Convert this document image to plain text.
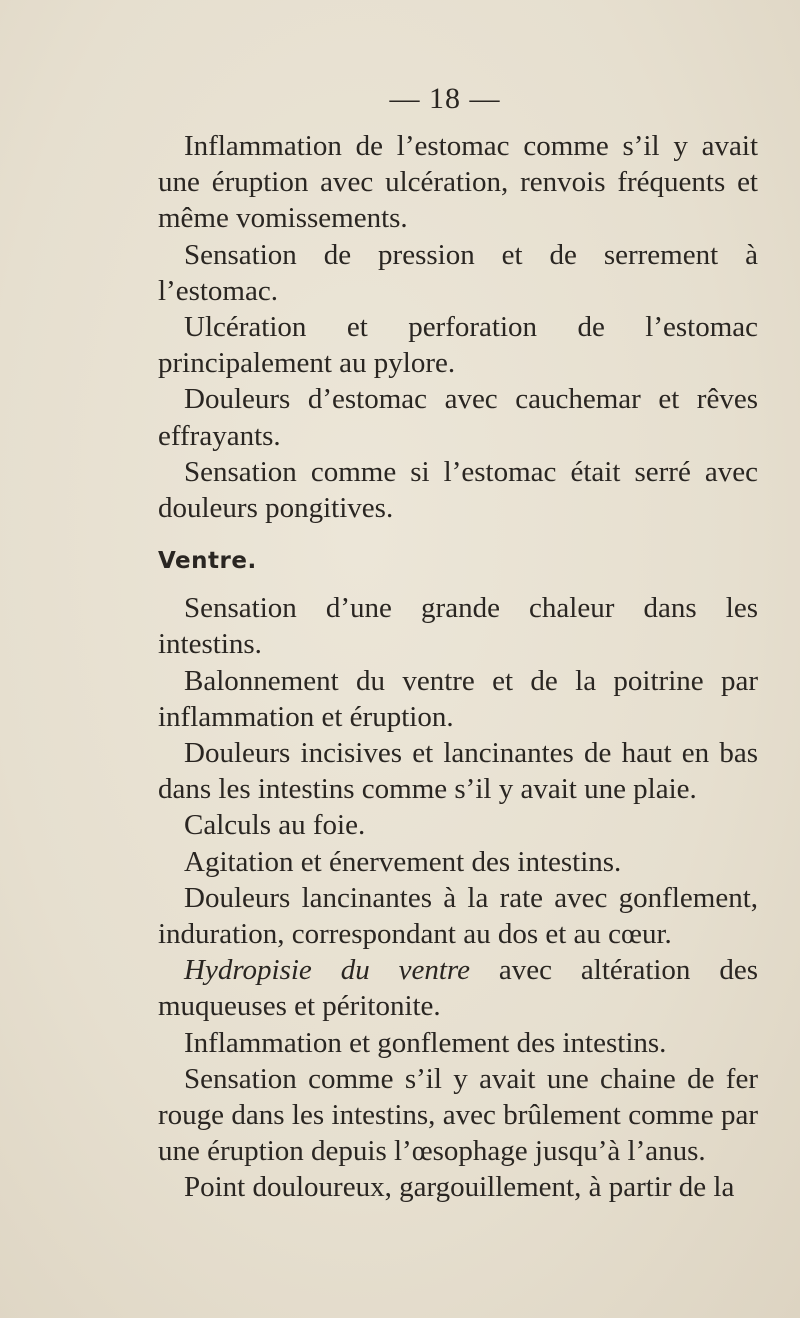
— 18 —

Inflammation de l’estomac comme s’il y avait une éruption avec ulcération, renvois fréquents et même vomissements.

Sensation de pression et de serrement à l’estomac.

Ulcération et perforation de l’estomac principalement au pylore.

Douleurs d’estomac avec cauchemar et rêves effrayants.

Sensation comme si l’estomac était serré avec douleurs pongitives.

Ventre.

Sensation d’une grande chaleur dans les intestins.

Balonnement du ventre et de la poitrine par inflammation et éruption.

Douleurs incisives et lancinantes de haut en bas dans les intestins comme s’il y avait une plaie.

Calculs au foie.

Agitation et énervement des intestins.

Douleurs lancinantes à la rate avec gonflement, induration, correspondant au dos et au cœur.

Hydropisie du ventre avec altération des muqueuses et péritonite.

Inflammation et gonflement des intestins.

Sensation comme s’il y avait une chaine de fer rouge dans les intestins, avec brûlement comme par une éruption depuis l’œsophage jusqu’à l’anus.

Point douloureux, gargouillement, à partir de la
